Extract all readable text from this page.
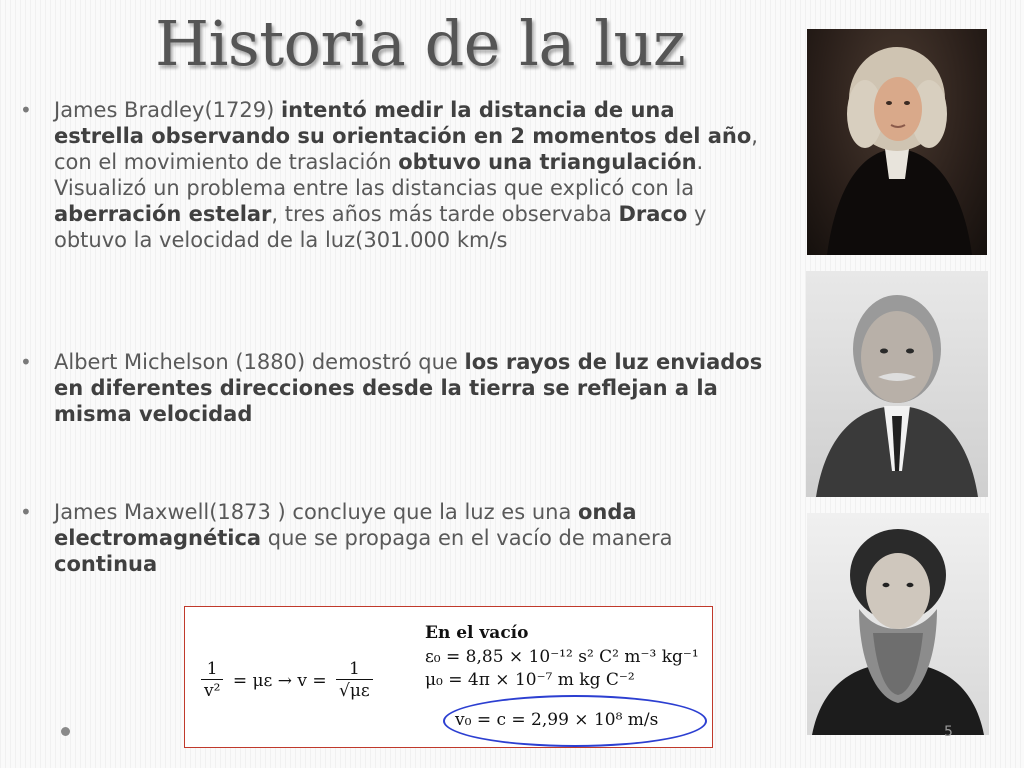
Historia de la luz

• James Bradley(1729) intentó medir la distancia de una estrella observando su orientación en 2 momentos del año, con el movimiento de traslación obtuvo una triangulación. Visualizó un problema entre las distancias que explicó con la aberración estelar, tres años más tarde observaba Draco y obtuvo la velocidad de la luz(301.000 km/s

• Albert Michelson (1880) demostró que los rayos de luz enviados en diferentes direcciones desde la tierra se reflejan a la misma velocidad

• James Maxwell(1873 ) concluye que la luz es una onda electromagnética que se propaga en el vacío de manera continua

En el vacío
ε₀ = 8,85 × 10⁻¹² s² C² m⁻³ kg⁻¹
μ₀ = 4π × 10⁻⁷ m kg C⁻²
$\frac{1}{\text{v²}} = \mu\varepsilon \to v = \frac{1}{√\mu\varepsilon}$
v₀ = c = 2,99 × 10⁸ m/s
5
